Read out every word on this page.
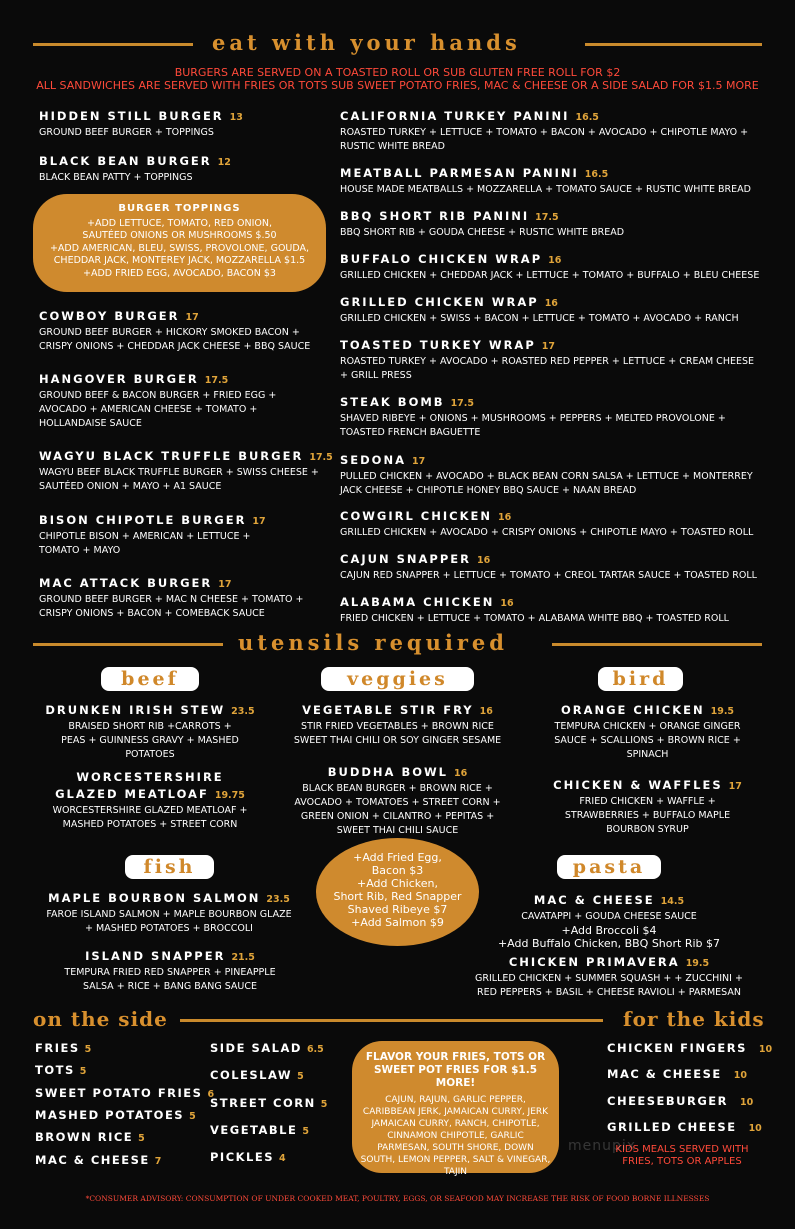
eat with your hands
BURGERS ARE SERVED ON A TOASTED ROLL OR SUB GLUTEN FREE ROLL FOR $2
ALL SANDWICHES ARE SERVED WITH FRIES OR TOTS SUB SWEET POTATO FRIES, MAC & CHEESE OR A SIDE SALAD FOR $1.5 MORE
HIDDEN STILL BURGER 13
GROUND BEEF BURGER + TOPPINGS
BLACK BEAN BURGER 12
BLACK BEAN PATTY + TOPPINGS
BURGER TOPPINGS
+ADD LETTUCE, TOMATO, RED ONION,
SAUTÉED ONIONS OR MUSHROOMS $.50
+ADD AMERICAN, BLEU, SWISS, PROVOLONE, GOUDA,
CHEDDAR JACK, MONTEREY JACK, MOZZARELLA $1.5
+ADD FRIED EGG, AVOCADO, BACON $3
COWBOY BURGER 17
GROUND BEEF BURGER + HICKORY SMOKED BACON + CRISPY ONIONS + CHEDDAR JACK CHEESE + BBQ SAUCE
HANGOVER BURGER 17.5
GROUND BEEF & BACON BURGER + FRIED EGG + AVOCADO + AMERICAN CHEESE + TOMATO + HOLLANDAISE SAUCE
WAGYU BLACK TRUFFLE BURGER 17.5
WAGYU BEEF BLACK TRUFFLE BURGER + SWISS CHEESE + SAUTÉED ONION + MAYO + A1 SAUCE
BISON CHIPOTLE BURGER 17
CHIPOTLE BISON + AMERICAN + LETTUCE + TOMATO + MAYO
MAC ATTACK BURGER 17
GROUND BEEF BURGER + MAC N CHEESE + TOMATO + CRISPY ONIONS + BACON + COMEBACK SAUCE
CALIFORNIA TURKEY PANINI 16.5
ROASTED TURKEY + LETTUCE + TOMATO + BACON + AVOCADO + CHIPOTLE MAYO + RUSTIC WHITE BREAD
MEATBALL PARMESAN PANINI 16.5
HOUSE MADE MEATBALLS + MOZZARELLA + TOMATO SAUCE + RUSTIC WHITE BREAD
BBQ SHORT RIB PANINI 17.5
BBQ SHORT RIB + GOUDA CHEESE + RUSTIC WHITE BREAD
BUFFALO CHICKEN WRAP 16
GRILLED CHICKEN + CHEDDAR JACK + LETTUCE + TOMATO + BUFFALO + BLEU CHEESE
GRILLED CHICKEN WRAP 16
GRILLED CHICKEN + SWISS + BACON + LETTUCE + TOMATO + AVOCADO + RANCH
TOASTED TURKEY WRAP 17
ROASTED TURKEY + AVOCADO + ROASTED RED PEPPER + LETTUCE + CREAM CHEESE + GRILL PRESS
STEAK BOMB 17.5
SHAVED RIBEYE + ONIONS + MUSHROOMS + PEPPERS + MELTED PROVOLONE + TOASTED FRENCH BAGUETTE
SEDONA 17
PULLED CHICKEN + AVOCADO + BLACK BEAN CORN SALSA + LETTUCE + MONTERREY JACK CHEESE + CHIPOTLE HONEY BBQ SAUCE + NAAN BREAD
COWGIRL CHICKEN 16
GRILLED CHICKEN + AVOCADO + CRISPY ONIONS + CHIPOTLE MAYO + TOASTED ROLL
CAJUN SNAPPER 16
CAJUN RED SNAPPER + LETTUCE + TOMATO + CREOL TARTAR SAUCE + TOASTED ROLL
ALABAMA CHICKEN 16
FRIED CHICKEN + LETTUCE + TOMATO + ALABAMA WHITE BBQ + TOASTED ROLL
utensils required
beef	veggies	bird
DRUNKEN IRISH STEW 23.5
BRAISED SHORT RIB +CARROTS + PEAS + GUINNESS GRAVY + MASHED POTATOES
WORCESTERSHIRE GLAZED MEATLOAF 19.75
WORCESTERSHIRE GLAZED MEATLOAF + MASHED POTATOES + STREET CORN
VEGETABLE STIR FRY 16
STIR FRIED VEGETABLES + BROWN RICE SWEET THAI CHILI OR SOY GINGER SESAME
BUDDHA BOWL 16
BLACK BEAN BURGER + BROWN RICE + AVOCADO + TOMATOES + STREET CORN + GREEN ONION + CILANTRO + PEPITAS + SWEET THAI CHILI SAUCE
ORANGE CHICKEN 19.5
TEMPURA CHICKEN + ORANGE GINGER SAUCE + SCALLIONS + BROWN RICE + SPINACH
CHICKEN & WAFFLES 17
FRIED CHICKEN + WAFFLE + STRAWBERRIES + BUFFALO MAPLE BOURBON SYRUP
fish
MAPLE BOURBON SALMON 23.5
FAROE ISLAND SALMON + MAPLE BOURBON GLAZE + MASHED POTATOES + BROCCOLI
ISLAND SNAPPER 21.5
TEMPURA FRIED RED SNAPPER + PINEAPPLE SALSA + RICE + BANG BANG SAUCE
+Add Fried Egg,
Bacon $3
+Add Chicken,
Short Rib, Red Snapper
Shaved Ribeye $7
+Add Salmon $9
pasta
MAC & CHEESE 14.5
CAVATAPPI + GOUDA CHEESE SAUCE
+Add Broccoli $4
+Add Buffalo Chicken, BBQ Short Rib $7
CHICKEN PRIMAVERA 19.5
GRILLED CHICKEN + SUMMER SQUASH + + ZUCCHINI + RED PEPPERS + BASIL + CHEESE RAVIOLI + PARMESAN
on the side	for the kids
FRIES 5
TOTS 5
SWEET POTATO FRIES 6
MASHED POTATOES 5
BROWN RICE 5
MAC & CHEESE 7
SIDE SALAD 6.5
COLESLAW 5
STREET CORN 5
VEGETABLE 5
PICKLES 4
FLAVOR YOUR FRIES, TOTS OR SWEET POT FRIES FOR $1.5 MORE!
CAJUN, RAJUN, GARLIC PEPPER, CARIBBEAN JERK, JAMAICAN CURRY, JERK JAMAICAN CURRY, RANCH, CHIPOTLE, CINNAMON CHIPOTLE, GARLIC PARMESAN, SOUTH SHORE, DOWN SOUTH, LEMON PEPPER, SALT & VINEGAR, TAJIN
CHICKEN FINGERS 10
MAC & CHEESE 10
CHEESEBURGER 10
GRILLED CHEESE 10
KIDS MEALS SERVED WITH FRIES, TOTS OR APPLES
menupix
*CONSUMER ADVISORY: CONSUMPTION OF UNDER COOKED MEAT, POULTRY, EGGS, OR SEAFOOD MAY INCREASE THE RISK OF FOOD BORNE ILLNESSES
